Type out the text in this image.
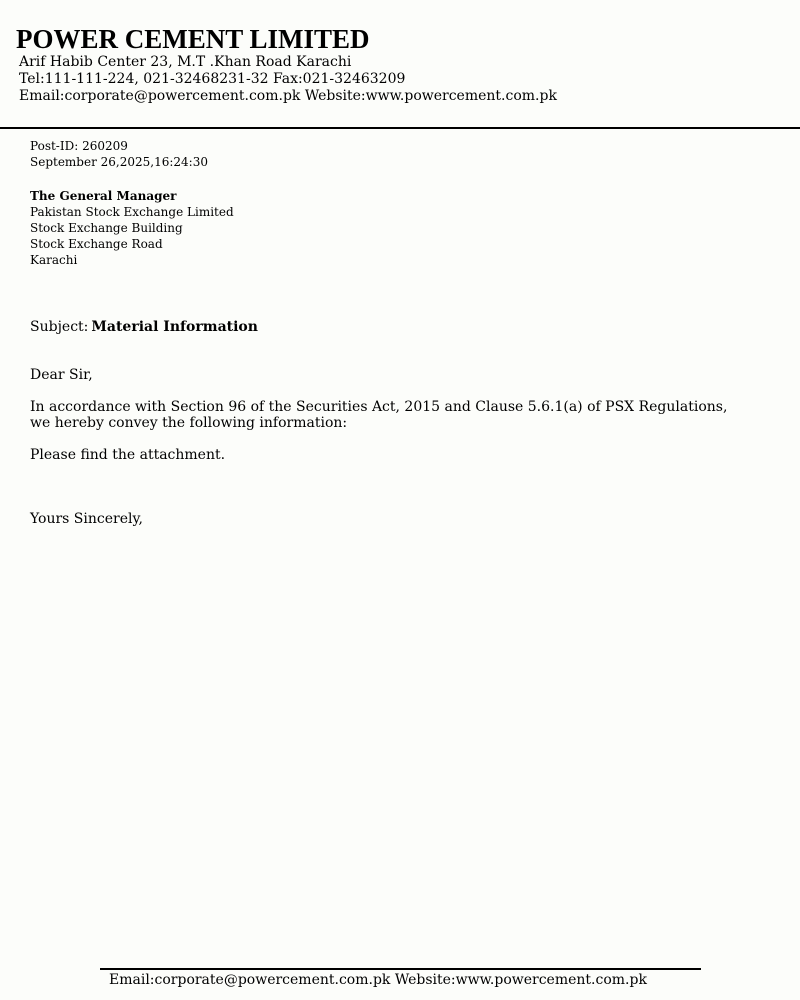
POWER CEMENT LIMITED
Arif Habib Center 23, M.T .Khan Road Karachi
Tel:111-111-224, 021-32468231-32 Fax:021-32463209
Email:corporate@powercement.com.pk Website:www.powercement.com.pk
Post-ID: 260209
September 26,2025,16:24:30
The General Manager
Pakistan Stock Exchange Limited
Stock Exchange Building
Stock Exchange Road
Karachi
Subject: Material Information
Dear Sir,
In accordance with Section 96 of the Securities Act, 2015 and Clause 5.6.1(a) of PSX Regulations,
we hereby convey the following information:
Please find the attachment.
Yours Sincerely,
Email:corporate@powercement.com.pk Website:www.powercement.com.pk
